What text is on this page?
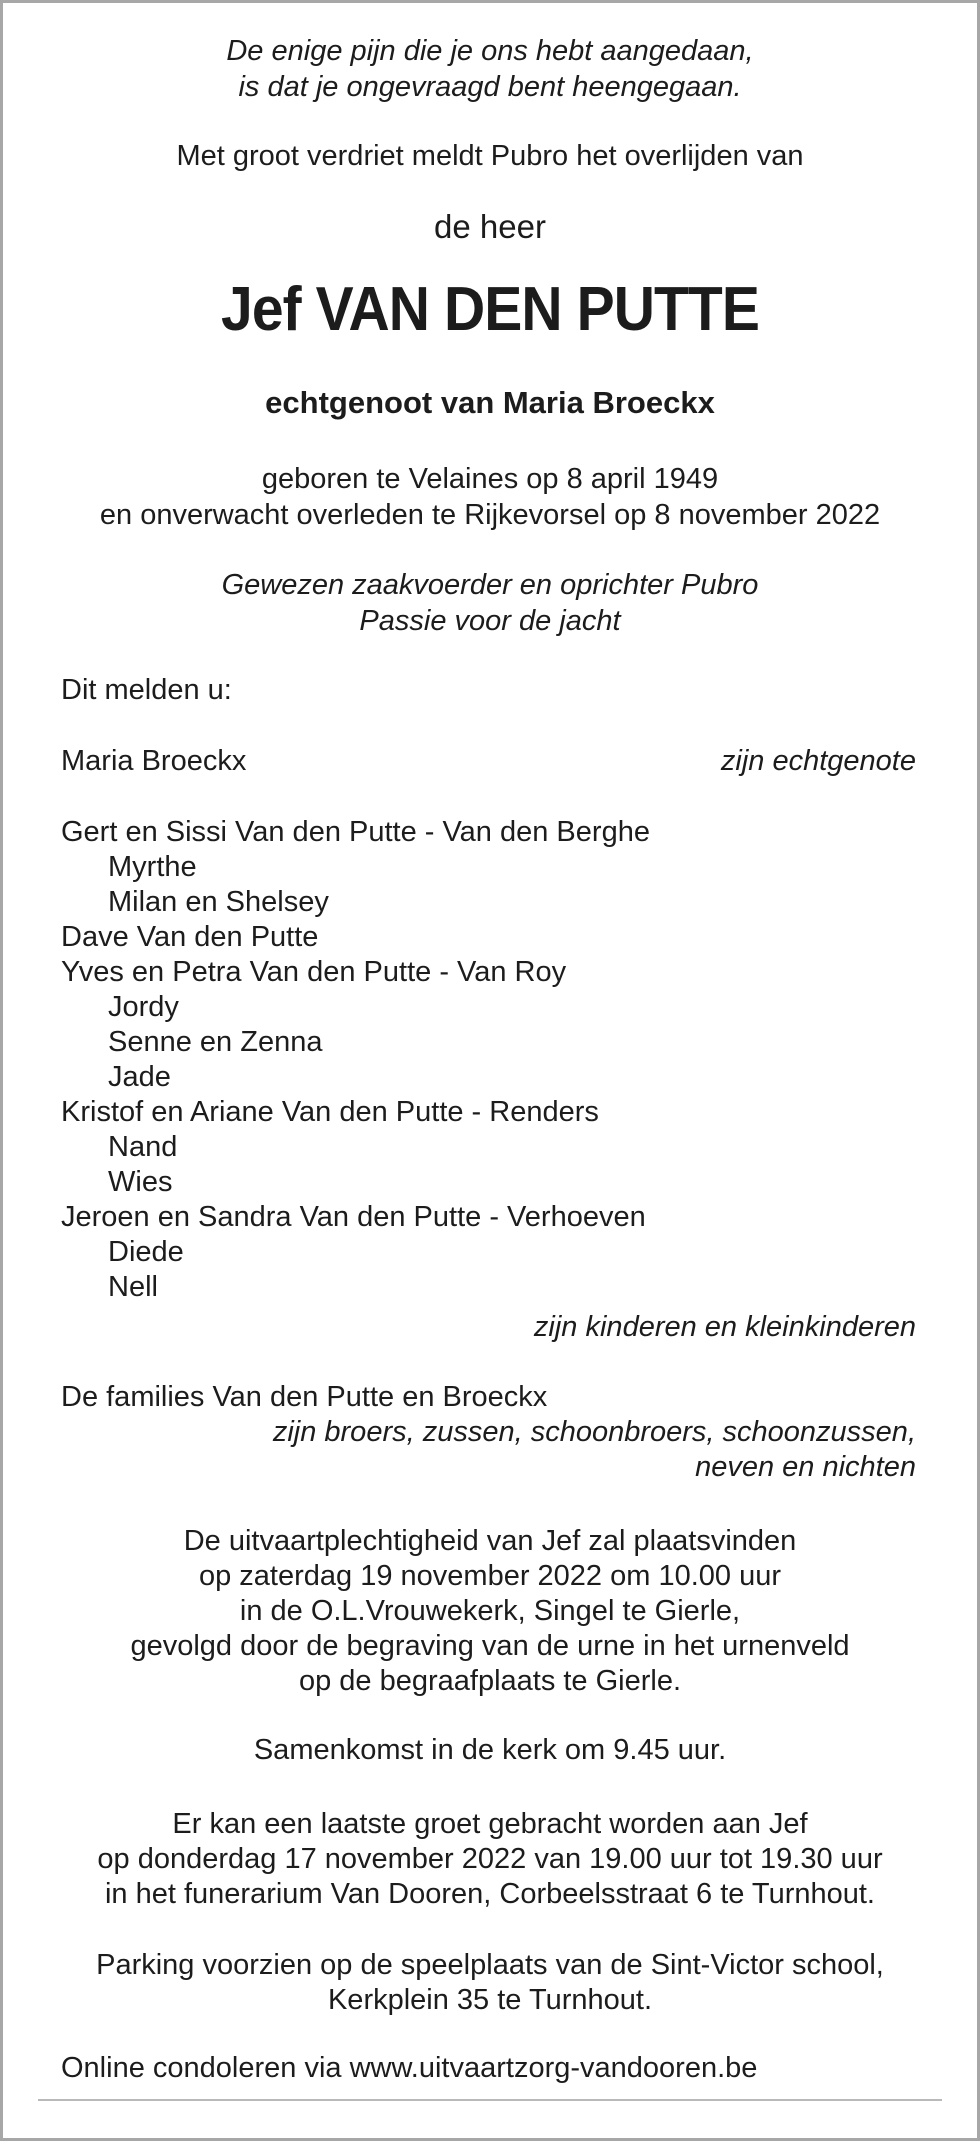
De enige pijn die je ons hebt aangedaan,
is dat je ongevraagd bent heengegaan.
Met groot verdriet meldt Pubro het overlijden van
de heer
Jef VAN DEN PUTTE
echtgenoot van Maria Broeckx
geboren te Velaines op 8 april 1949
en onverwacht overleden te Rijkevorsel op 8 november 2022
Gewezen zaakvoerder en oprichter Pubro
Passie voor de jacht
Dit melden u:
Maria Broeckx	zijn echtgenote
Gert en Sissi Van den Putte - Van den Berghe
Myrthe
Milan en Shelsey
Dave Van den Putte
Yves en Petra Van den Putte - Van Roy
Jordy
Senne en Zenna
Jade
Kristof en Ariane Van den Putte - Renders
Nand
Wies
Jeroen en Sandra Van den Putte - Verhoeven
Diede
Nell
zijn kinderen en kleinkinderen
De families Van den Putte en Broeckx
zijn broers, zussen, schoonbroers, schoonzussen,
neven en nichten
De uitvaartplechtigheid van Jef zal plaatsvinden
op zaterdag 19 november 2022 om 10.00 uur
in de O.L.Vrouwekerk, Singel te Gierle,
gevolgd door de begraving van de urne in het urnenveld
op de begraafplaats te Gierle.
Samenkomst in de kerk om 9.45 uur.
Er kan een laatste groet gebracht worden aan Jef
op donderdag 17 november 2022 van 19.00 uur tot 19.30 uur
in het funerarium Van Dooren, Corbeelsstraat 6 te Turnhout.
Parking voorzien op de speelplaats van de Sint-Victor school,
Kerkplein 35 te Turnhout.
Online condoleren via www.uitvaartzorg-vandooren.be
